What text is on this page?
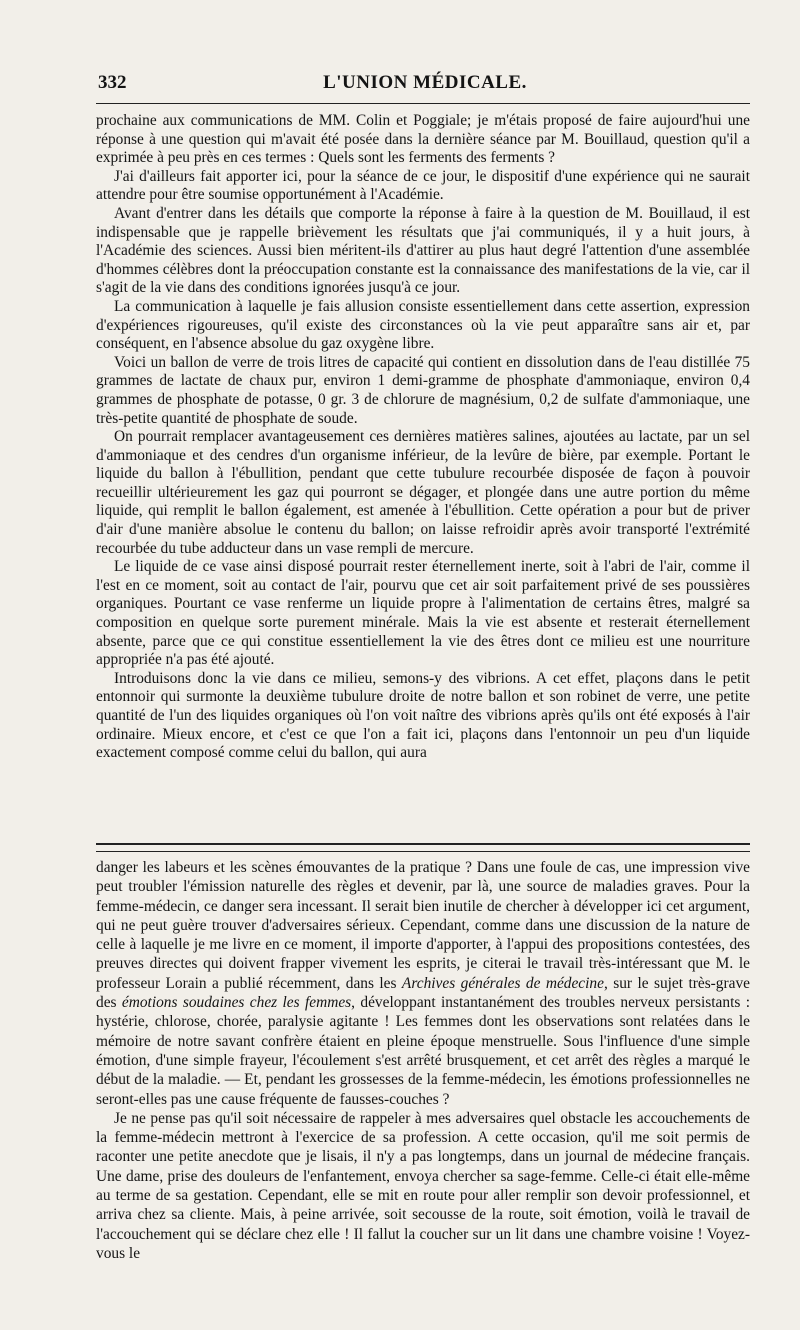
332	L'UNION MÉDICALE.

prochaine aux communications de MM. Colin et Poggiale; je m'étais proposé de faire aujourd'hui une réponse à une question qui m'avait été posée dans la dernière séance par M. Bouillaud, question qu'il a exprimée à peu près en ces termes : Quels sont les ferments des ferments ?

J'ai d'ailleurs fait apporter ici, pour la séance de ce jour, le dispositif d'une expérience qui ne saurait attendre pour être soumise opportunément à l'Académie.

Avant d'entrer dans les détails que comporte la réponse à faire à la question de M. Bouillaud, il est indispensable que je rappelle brièvement les résultats que j'ai communiqués, il y a huit jours, à l'Académie des sciences. Aussi bien méritent-ils d'attirer au plus haut degré l'attention d'une assemblée d'hommes célèbres dont la préoccupation constante est la connaissance des manifestations de la vie, car il s'agit de la vie dans des conditions ignorées jusqu'à ce jour.

La communication à laquelle je fais allusion consiste essentiellement dans cette assertion, expression d'expériences rigoureuses, qu'il existe des circonstances où la vie peut apparaître sans air et, par conséquent, en l'absence absolue du gaz oxygène libre.

Voici un ballon de verre de trois litres de capacité qui contient en dissolution dans de l'eau distillée 75 grammes de lactate de chaux pur, environ 1 demi-gramme de phosphate d'ammoniaque, environ 0,4 grammes de phosphate de potasse, 0 gr. 3 de chlorure de magnésium, 0,2 de sulfate d'ammoniaque, une très-petite quantité de phosphate de soude.

On pourrait remplacer avantageusement ces dernières matières salines, ajoutées au lactate, par un sel d'ammoniaque et des cendres d'un organisme inférieur, de la levûre de bière, par exemple. Portant le liquide du ballon à l'ébullition, pendant que cette tubulure recourbée disposée de façon à pouvoir recueillir ultérieurement les gaz qui pourront se dégager, et plongée dans une autre portion du même liquide, qui remplit le ballon également, est amenée à l'ébullition. Cette opération a pour but de priver d'air d'une manière absolue le contenu du ballon; on laisse refroidir après avoir transporté l'extrémité recourbée du tube adducteur dans un vase rempli de mercure.

Le liquide de ce vase ainsi disposé pourrait rester éternellement inerte, soit à l'abri de l'air, comme il l'est en ce moment, soit au contact de l'air, pourvu que cet air soit parfaitement privé de ses poussières organiques. Pourtant ce vase renferme un liquide propre à l'alimentation de certains êtres, malgré sa composition en quelque sorte purement minérale. Mais la vie est absente et resterait éternellement absente, parce que ce qui constitue essentiellement la vie des êtres dont ce milieu est une nourriture appropriée n'a pas été ajouté.

Introduisons donc la vie dans ce milieu, semons-y des vibrions. A cet effet, plaçons dans le petit entonnoir qui surmonte la deuxième tubulure droite de notre ballon et son robinet de verre, une petite quantité de l'un des liquides organiques où l'on voit naître des vibrions après qu'ils ont été exposés à l'air ordinaire. Mieux encore, et c'est ce que l'on a fait ici, plaçons dans l'entonnoir un peu d'un liquide exactement composé comme celui du ballon, qui aura

danger les labeurs et les scènes émouvantes de la pratique ? Dans une foule de cas, une impression vive peut troubler l'émission naturelle des règles et devenir, par là, une source de maladies graves. Pour la femme-médecin, ce danger sera incessant. Il serait bien inutile de chercher à développer ici cet argument, qui ne peut guère trouver d'adversaires sérieux. Cependant, comme dans une discussion de la nature de celle à laquelle je me livre en ce moment, il importe d'apporter, à l'appui des propositions contestées, des preuves directes qui doivent frapper vivement les esprits, je citerai le travail très-intéressant que M. le professeur Lorain a publié récemment, dans les Archives générales de médecine, sur le sujet très-grave des émotions soudaines chez les femmes, développant instantanément des troubles nerveux persistants : hystérie, chlorose, chorée, paralysie agitante ! Les femmes dont les observations sont relatées dans le mémoire de notre savant confrère étaient en pleine époque menstruelle. Sous l'influence d'une simple émotion, d'une simple frayeur, l'écoulement s'est arrêté brusquement, et cet arrêt des règles a marqué le début de la maladie. — Et, pendant les grossesses de la femme-médecin, les émotions professionnelles ne seront-elles pas une cause fréquente de fausses-couches ?

Je ne pense pas qu'il soit nécessaire de rappeler à mes adversaires quel obstacle les accouchements de la femme-médecin mettront à l'exercice de sa profession. A cette occasion, qu'il me soit permis de raconter une petite anecdote que je lisais, il n'y a pas longtemps, dans un journal de médecine français. Une dame, prise des douleurs de l'enfantement, envoya chercher sa sage-femme. Celle-ci était elle-même au terme de sa gestation. Cependant, elle se mit en route pour aller remplir son devoir professionnel, et arriva chez sa cliente. Mais, à peine arrivée, soit secousse de la route, soit émotion, voilà le travail de l'accouchement qui se déclare chez elle ! Il fallut la coucher sur un lit dans une chambre voisine ! Voyez-vous le
